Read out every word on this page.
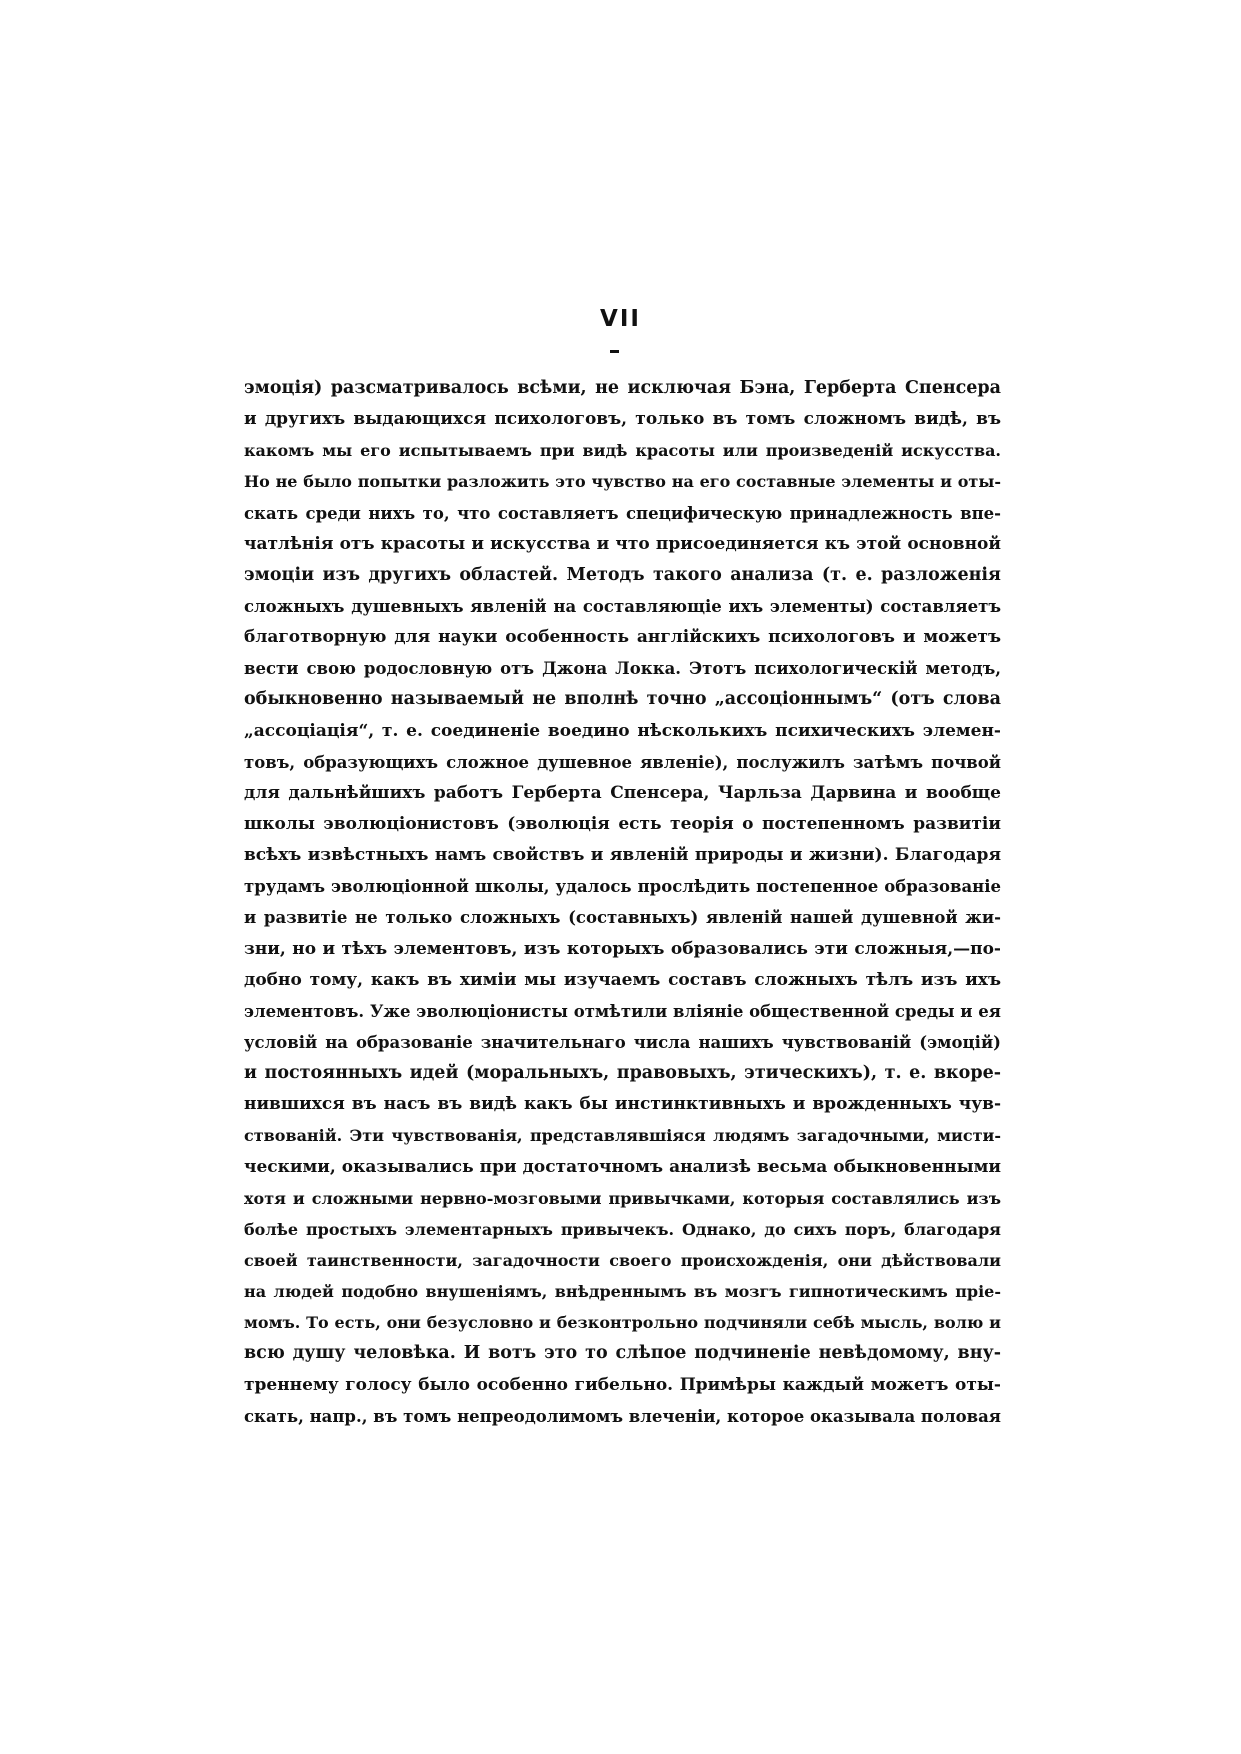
VII
эмоція) разсматривалось всѣми, не исключая Бэна, Герберта Спенсера
и другихъ выдающихся психологовъ, только въ томъ сложномъ видѣ, въ
какомъ мы его испытываемъ при видѣ красоты или произведеній искусства.
Но не было попытки разложить это чувство на его составные элементы и оты-
скать среди нихъ то, что составляетъ специфическую принадлежность впе-
чатлѣнія отъ красоты и искусства и что присоединяется къ этой основной
эмоціи изъ другихъ областей. Методъ такого анализа (т. е. разложенія
сложныхъ душевныхъ явленій на составляющіе ихъ элементы) составляетъ
благотворную для науки особенность англійскихъ психологовъ и можетъ
вести свою родословную отъ Джона Локка. Этотъ психологическій методъ,
обыкновенно называемый не вполнѣ точно „ассоціоннымъ“ (отъ слова
„ассоціація“, т. е. соединеніе воедино нѣсколькихъ психическихъ элемен-
товъ, образующихъ сложное душевное явленіе), послужилъ затѣмъ почвой
для дальнѣйшихъ работъ Герберта Спенсера, Чарльза Дарвина и вообще
школы эволюціонистовъ (эволюція есть теорія о постепенномъ развитіи
всѣхъ извѣстныхъ намъ свойствъ и явленій природы и жизни). Благодаря
трудамъ эволюціонной школы, удалось прослѣдить постепенное образованіе
и развитіе не только сложныхъ (составныхъ) явленій нашей душевной жи-
зни, но и тѣхъ элементовъ, изъ которыхъ образовались эти сложныя,—по-
добно тому, какъ въ химіи мы изучаемъ составъ сложныхъ тѣлъ изъ ихъ
элементовъ. Уже эволюціонисты отмѣтили вліяніе общественной среды и ея
условій на образованіе значительнаго числа нашихъ чувствованій (эмоцій)
и постоянныхъ идей (моральныхъ, правовыхъ, этическихъ), т. е. вкоре-
нившихся въ насъ въ видѣ какъ бы инстинктивныхъ и врожденныхъ чув-
ствованій. Эти чувствованія, представлявшіяся людямъ загадочными, мисти-
ческими, оказывались при достаточномъ анализѣ весьма обыкновенными
хотя и сложными нервно-мозговыми привычками, которыя составлялись изъ
болѣе простыхъ элементарныхъ привычекъ. Однако, до сихъ поръ, благодаря
своей таинственности, загадочности своего происхожденія, они дѣйствовали
на людей подобно внушеніямъ, внѣдреннымъ въ мозгъ гипнотическимъ пріе-
момъ. То есть, они безусловно и безконтрольно подчиняли себѣ мысль, волю и
всю душу человѣка. И вотъ это то слѣпое подчиненіе невѣдомому, вну-
треннему голосу было особенно гибельно. Примѣры каждый можетъ оты-
скать, напр., въ томъ непреодолимомъ влеченіи, которое оказывала половая
